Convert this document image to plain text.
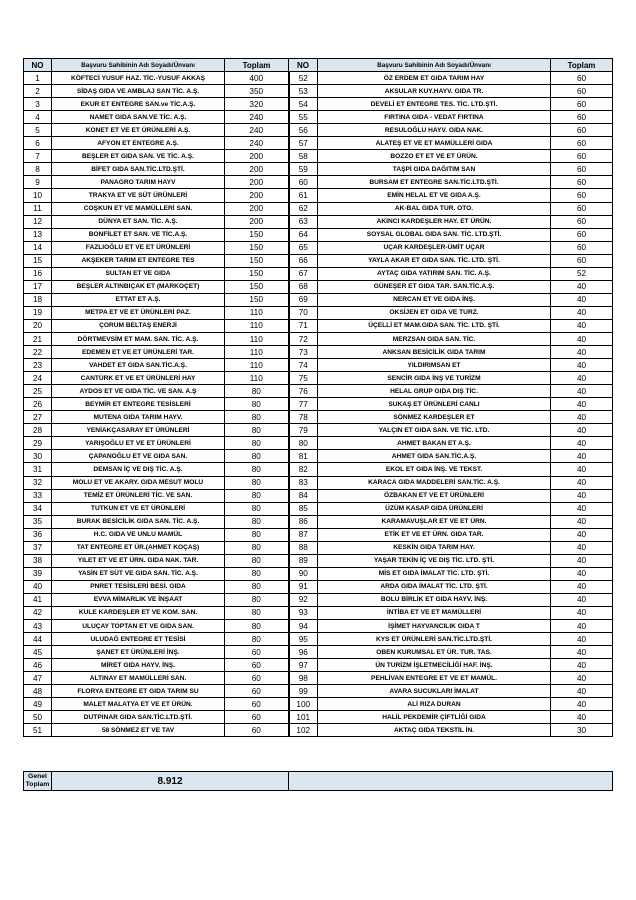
NO	Başvuru Sahibinin Adı Soyadı/Ünvanı	Toplam	NO	Başvuru Sahibinin Adı Soyadı/Ünvanı	Toplam
1	KÖFTECİ YUSUF HAZ. TİC.-YUSUF AKKAŞ	400	52	ÖZ ERDEM ET GIDA TARIM HAY	60
2	SİDAŞ GIDA VE AMBLAJ SAN TİC. A.Ş.	350	53	AKSULAR KUY.HAYV. GIDA TR.	60
3	EKUR ET ENTEGRE SAN.ve TİC.A.Ş.	320	54	DEVELİ ET ENTEGRE TES. TİC. LTD.ŞTİ.	60
4	NAMET GIDA SAN.VE TİC. A.Ş.	240	55	FIRTINA GIDA - VEDAT FIRTINA	60
5	KONET ET VE ET ÜRÜNLERİ A.Ş.	240	56	RESULOĞLU HAYV. GIDA NAK.	60
6	AFYON ET ENTEGRE A.Ş.	240	57	ALATEŞ ET VE ET MAMÜLLERİ GIDA	60
7	BEŞLER ET GIDA SAN. VE TİC. A.Ş.	200	58	BOZZO ET ET VE ET ÜRÜN.	60
8	BİFET GIDA SAN.TİC.LTD.ŞTİ.	200	59	TAŞPİ GIDA DAĞITIM SAN	60
9	PANAGRO TARIM HAYV	200	60	BURSAM ET ENTEGRE SAN.TİC.LTD.ŞTİ.	60
10	TRAKYA ET VE SÜT ÜRÜNLERİ	200	61	EMİN HELAL ET VE GIDA A.Ş.	60
11	COŞKUN ET VE MAMÜLLERİ SAN.	200	62	AK-BAL GIDA TUR. OTO.	60
12	DÜNYA ET SAN. TİC. A.Ş.	200	63	AKINCI KARDEŞLER HAY. ET ÜRÜN.	60
13	BONFİLET ET SAN. VE TİC.A.Ş.	150	64	SOYSAL GLOBAL GIDA SAN. TİC. LTD.ŞTİ.	60
14	FAZLIOĞLU ET VE ET ÜRÜNLERİ	150	65	UÇAR KARDEŞLER-ÜMİT UÇAR	60
15	AKŞEKER TARIM ET ENTEGRE TES	150	66	YAYLA AKAR ET GIDA SAN. TİC. LTD. ŞTİ.	60
16	SULTAN ET VE GIDA	150	67	AYTAÇ GIDA YATIRIM SAN. TİC. A.Ş.	52
17	BEŞLER ALTINBIÇAK ET (MARKOÇET)	150	68	GÜNEŞER ET GIDA TAR. SAN.TİC.A.Ş.	40
18	ETTAT ET A.Ş.	150	69	NERCAN ET VE GIDA İNŞ.	40
19	METPA ET VE ET ÜRÜNLERİ PAZ.	110	70	OKSİJEN ET GIDA VE TURZ.	40
20	ÇORUM BELTAŞ ENERJİ	110	71	ÜÇELLİ ET MAM.GIDA SAN. TİC. LTD. ŞTİ.	40
21	DÖRTMEVSİM ET MAM. SAN. TİC. A.Ş.	110	72	MERZSAN GIDA SAN. TİC.	40
22	EDEMEN ET VE ET ÜRÜNLERİ TAR.	110	73	ANKSAN BESİCİLİK GIDA TARIM	40
23	VAHDET ET GIDA SAN.TİC.A.Ş.	110	74	YILDIRIMSAN ET	40
24	CANTÜRK ET VE ET ÜRÜNLERİ HAY	110	75	SENCİR GIDA İNŞ VE TURİZM	40
25	AYDOS ET VE GIDA TİC. VE SAN. A.Ş	80	76	HELAL GRUP GIDA DIŞ TİC.	40
26	BEYMİR ET ENTEGRE TESİSLERİ	80	77	SUKAŞ ET ÜRÜNLERİ CANLI	40
27	MUTENA GIDA TARIM HAYV.	80	78	SÖNMEZ KARDEŞLER ET	40
28	YENİAKÇASARAY ET ÜRÜNLERİ	80	79	YALÇIN ET GIDA SAN. VE TİC. LTD.	40
29	YARIŞOĞLU ET VE ET ÜRÜNLERİ	80	80	AHMET BAKAN ET A.Ş.	40
30	ÇAPANOĞLU ET VE GIDA SAN.	80	81	AHMET GIDA SAN.TİC.A.Ş.	40
31	DEMSAN İÇ VE DIŞ TİC. A.Ş.	80	82	EKOL ET GIDA İNŞ. VE TEKST.	40
32	MOLU ET VE AKARY. GIDA MESUT MOLU	80	83	KARACA GIDA MADDELERİ SAN.TİC. A.Ş.	40
33	TEMİZ ET ÜRÜNLERİ TİC. VE SAN.	80	84	ÖZBAKAN ET VE ET ÜRÜNLERİ	40
34	TUTKUN ET VE ET ÜRÜNLERİ	80	85	ÜZÜM KASAP GIDA ÜRÜNLERİ	40
35	BURAK BESİCİLİK GIDA SAN. TİC. A.Ş.	80	86	KARAMAVUŞLAR ET VE ET ÜRN.	40
36	H.C. GIDA VE UNLU MAMÜL	80	87	ETİK ET VE ET ÜRN. GIDA TAR.	40
37	TAT ENTEGRE ET ÜR.(AHMET KOÇAŞ)	80	88	KESKİN GIDA TARIM HAY.	40
38	YILET ET VE ET ÜRN. GIDA NAK. TAR.	80	89	YAŞAR TEKİN İÇ VE DIŞ TİC. LTD. ŞTİ.	40
39	YASİN ET SÜT VE GIDA SAN. TİC. A.Ş.	80	90	MİS ET GIDA İMALAT TİC. LTD. ŞTİ.	40
40	PNRET TESİSLERİ BESİ. GIDA	80	91	ARDA GIDA İMALAT TİC. LTD. ŞTİ.	40
41	EVVA MİMARLIK VE İNŞAAT	80	92	BOLU BİRLİK ET GIDA HAYV. İNŞ.	40
42	KULE KARDEŞLER ET VE KOM. SAN.	80	93	İNTİBA ET VE ET MAMÜLLERİ	40
43	ULUÇAY TOPTAN ET VE GIDA SAN.	80	94	İŞİMET HAYVANCILIK GIDA T	40
44	ULUDAĞ ENTEGRE ET TESİSİ	80	95	KYS ET ÜRÜNLERİ SAN.TİC.LTD.ŞTİ.	40
45	ŞANET ET ÜRÜNLERİ İNŞ.	60	96	OBEN KURUMSAL ET ÜR. TUR. TAS.	40
46	MİRET GIDA HAYV. İNŞ.	60	97	ÜN TURİZM İŞLETMECİLİĞİ HAF. İNŞ.	40
47	ALTINAY ET MAMÜLLERİ SAN.	60	98	PEHLİVAN ENTEGRE ET VE ET MAMÜL.	40
48	FLORYA ENTEGRE ET GIDA TARIM SU	60	99	AVARA SUCUKLARI İMALAT	40
49	MALET MALATYA ET VE ET ÜRÜN.	60	100	ALİ RIZA DURAN	40
50	DUTPINAR GIDA SAN.TİC.LTD.ŞTİ.	60	101	HALİL PEKDEMİR ÇİFTLİĞİ GIDA	40
51	58 SÖNMEZ ET VE TAV	60	102	AKTAÇ GIDA TEKSTİL İN.	30
Genel
Toplam	8.912	
